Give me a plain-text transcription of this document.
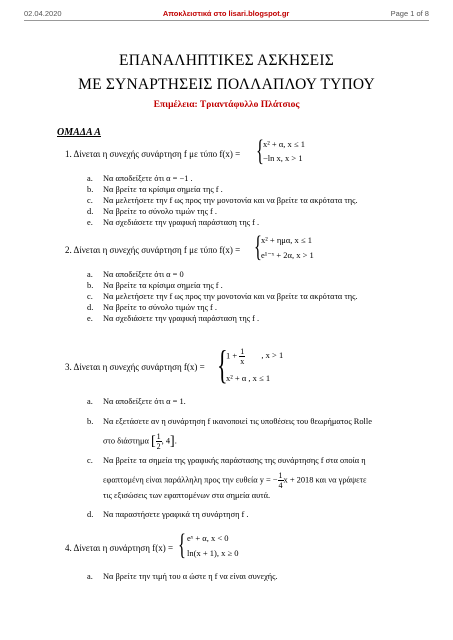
02.04.2020	Αποκλειστικά στο lisari.blogspot.gr	Page 1 of 8
ΕΠΑΝΑΛΗΠΤΙΚΕΣ ΑΣΚΗΣΕΙΣ
ΜΕ ΣΥΝΑΡΤΗΣΕΙΣ ΠΟΛΛΑΠΛΟΥ ΤΥΠΟΥ
Επιμέλεια: Τριαντάφυλλο Πλάτσιος
ΟΜΑΔΑ Α
1. Δίνεται η συνεχής συνάρτηση f με τύπο f(x) = { x² + α, x ≤ 1
−ln x, x > 1
a. Να αποδείξετε ότι α = −1 .
b. Να βρείτε τα κρίσιμα σημεία της f .
c. Να μελετήσετε την f ως προς την μονοτονία και να βρείτε τα ακρότατα της.
d. Να βρείτε το σύνολο τιμών της f .
e. Να σχεδιάσετε την γραφική παράσταση της f .
2. Δίνεται η συνεχής συνάρτηση f με τύπο f(x) = { x² + ημα, x ≤ 1
e¹⁻ˣ + 2α, x > 1
a. Να αποδείξετε ότι α = 0
b. Να βρείτε τα κρίσιμα σημεία της f .
c. Να μελετήσετε την f ως προς την μονοτονία και να βρείτε τα ακρότατα της.
d. Να βρείτε το σύνολο τιμών της f .
e. Να σχεδιάσετε την γραφική παράσταση της f .
3. Δίνεται η συνεχής συνάρτηση f(x) = {
$1 + \frac{1}{x}$ , x > 1
x² + α , x ≤ 1
a. Να αποδείξετε ότι α = 1.
b. Να εξετάσετε αν η συνάρτηση f ικανοποιεί τις υποθέσεις του θεωρήματος Rolle
στο διάστημα [ $\frac{1}{2}$ , 4].
c. Να βρείτε τα σημεία της γραφικής παράστασης της συνάρτησης f στα οποία η
εφαπτομένη είναι παράλληλη προς την ευθεία y = − $\frac{1}{4}$ x + 2018 και να γράψετε
τις εξισώσεις των εφαπτομένων στα σημεία αυτά.
d. Να παραστήσετε γραφικά τη συνάρτηση f .
4. Δίνεται η συνάρτηση f(x) = { eˣ + α, x < 0
ln(x + 1), x ≥ 0
a. Να βρείτε την τιμή του α ώστε η f να είναι συνεχής.
